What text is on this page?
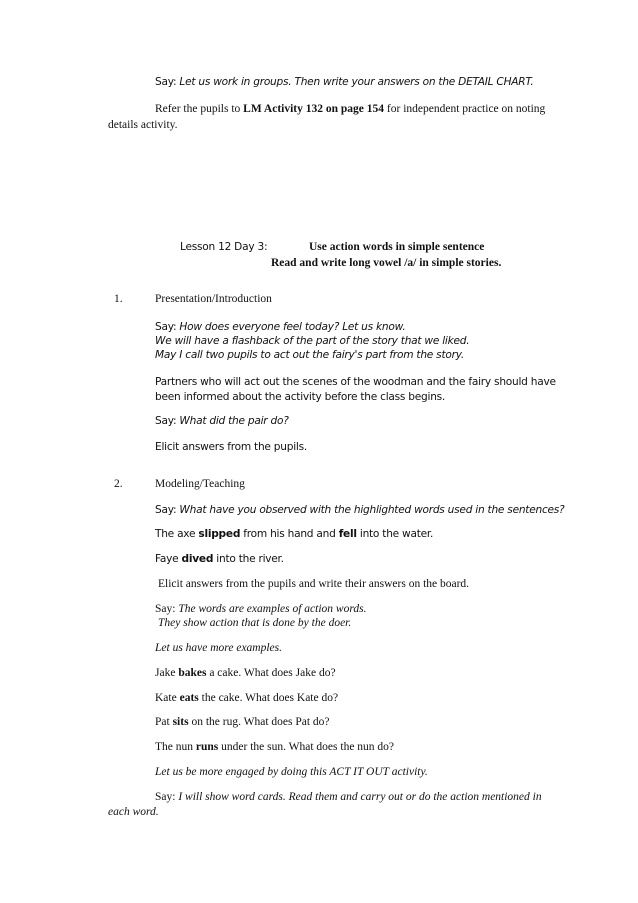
Say: Let us work in groups. Then write your answers on the DETAIL CHART.
Refer the pupils to LM Activity 132 on page 154 for independent practice on noting
details activity.
Lesson 12 Day 3:	Use action words in simple sentence
Read and write long vowel /a/ in simple stories.
1.	Presentation/Introduction
Say: How does everyone feel today? Let us know.
We will have a flashback of the part of the story that we liked.
May I call two pupils to act out the fairy's part from the story.
Partners who will act out the scenes of the woodman and the fairy should have
been informed about the activity before the class begins.
Say: What did the pair do?
Elicit answers from the pupils.
2.	Modeling/Teaching
Say: What have you observed with the highlighted words used in the sentences?
The axe slipped from his hand and fell into the water.
Faye dived into the river.
Elicit answers from the pupils and write their answers on the board.
Say: The words are examples of action words.
They show action that is done by the doer.
Let us have more examples.
Jake bakes a cake. What does Jake do?
Kate eats the cake. What does Kate do?
Pat sits on the rug. What does Pat do?
The nun runs under the sun. What does the nun do?
Let us be more engaged by doing this ACT IT OUT activity.
Say: I will show word cards. Read them and carry out or do the action mentioned in
each word.
